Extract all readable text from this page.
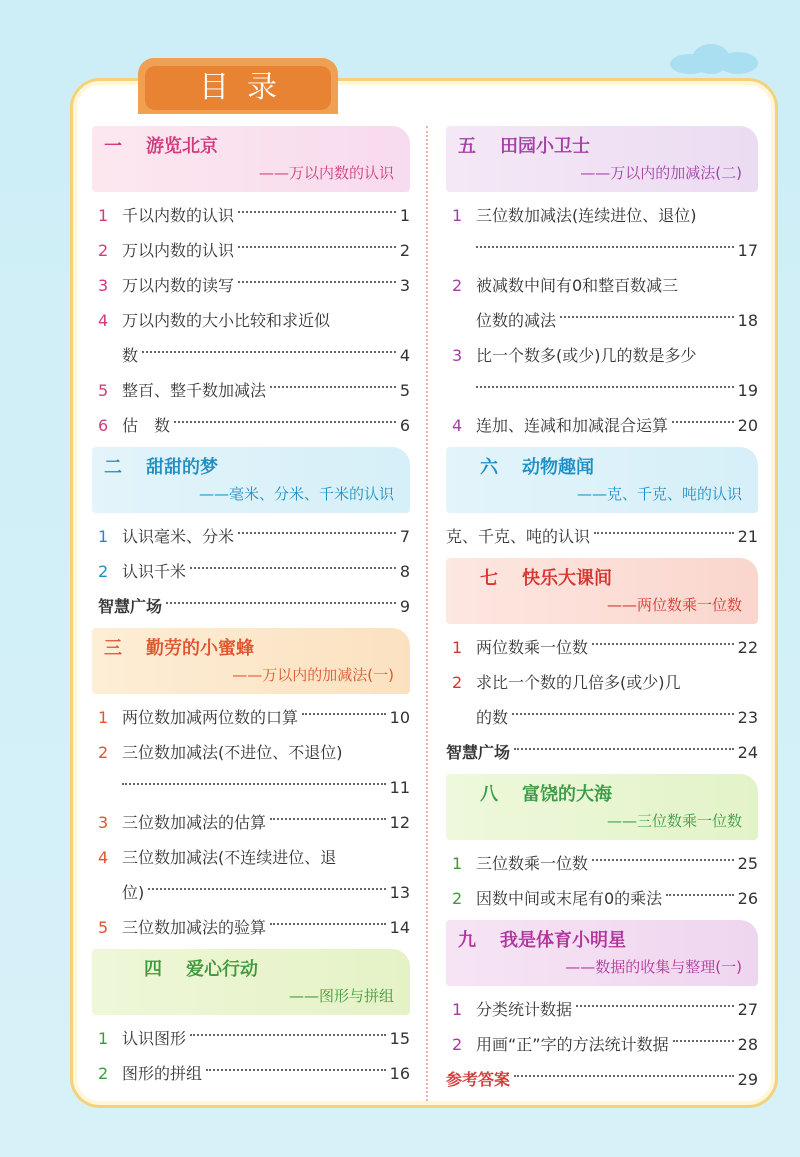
目录
一 游览北京
——万以内数的认识
1 千以内数的认识	1
2 万以内数的认识	2
3 万以内数的读写	3
4 万以内数的大小比较和求近似
数	4
5 整百、整千数加减法	5
6 估　数	6
二 甜甜的梦
——毫米、分米、千米的认识
1 认识毫米、分米	7
2 认识千米	8
智慧广场	9
三 勤劳的小蜜蜂
——万以内的加减法(一)
1 两位数加减两位数的口算	10
2 三位数加减法(不进位、不退位)
11
3 三位数加减法的估算	12
4 三位数加减法(不连续进位、退
位)	13
5 三位数加减法的验算	14
四 爱心行动
——图形与拼组
1 认识图形	15
2 图形的拼组	16
五 田园小卫士
——万以内的加减法(二)
1 三位数加减法(连续进位、退位)
17
2 被减数中间有0和整百数减三
位数的减法	18
3 比一个数多(或少)几的数是多少
19
4 连加、连减和加减混合运算	20
六 动物趣闻
——克、千克、吨的认识
克、千克、吨的认识	21
七 快乐大课间
——两位数乘一位数
1 两位数乘一位数	22
2 求比一个数的几倍多(或少)几
的数	23
智慧广场	24
八 富饶的大海
——三位数乘一位数
1 三位数乘一位数	25
2 因数中间或末尾有0的乘法	26
九 我是体育小明星
——数据的收集与整理(一)
1 分类统计数据	27
2 用画“正”字的方法统计数据	28
参考答案	29
